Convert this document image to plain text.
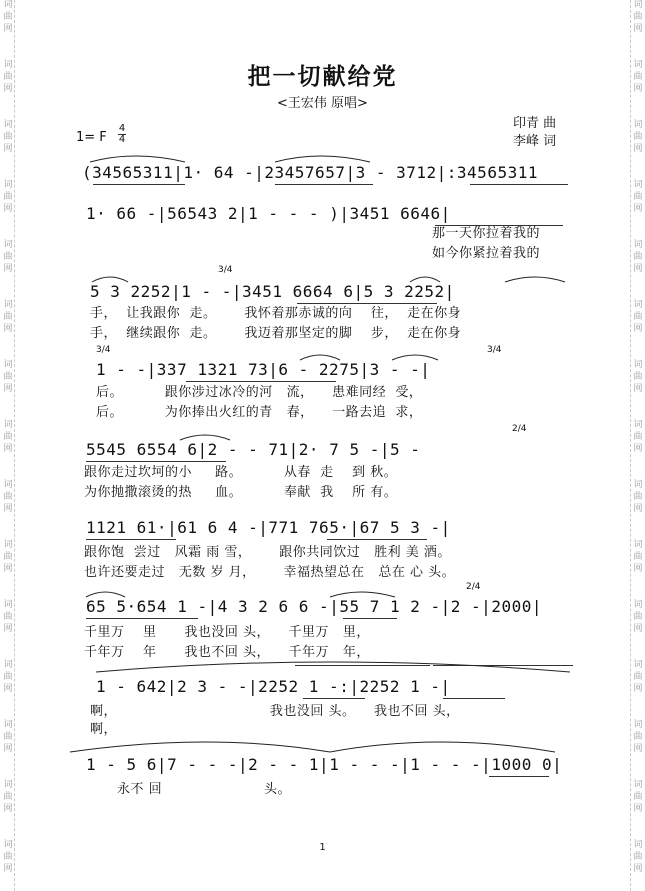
词
曲
网
词
曲
网
词
曲
网
词
曲
网
词
曲
网
词
曲
网
词
曲
网
词
曲
网
词
曲
网
词
曲
网
词
曲
网
词
曲
网
词
曲
网
词
曲
网
词
曲
网
词
曲
网
词
曲
网
词
曲
网
词
曲
网
词
曲
网
词
曲
网
词
曲
网
词
曲
网
词
曲
网
词
曲
网
词
曲
网
词
曲
网
词
曲
网
词
曲
网
词
曲
网
把一切献给党
<王宏伟 原唱>
印青 曲
李峰 词
1= F
4
4
(34565311|1· 64 -|23457657|3 - 3712|:34565311
1· 66 -|56543 2|1 - - - )|3451 6646|
那一天你拉着我的
如今你紧拉着我的
3/4
5 3 2252|1 - -|3451 6664 6|5 3 2252|
手，  让我跟你  走。      我怀着那赤诚的向    往，  走在你身
手，  继续跟你  走。      我迈着那坚定的脚    步，  走在你身
3/4	3/4
1 - -|337 1321 73|6 - 2275|3 - -|
后。         跟你涉过冰冷的河   流，    患难同经  受，
后。         为你捧出火红的青   春，    一路去追  求，
2/4
5545 6554 6|2 - - 71|2· 7 5 -|5 -
跟你走过坎坷的小     路。         从春  走    到 秋。
为你抛撒滚烫的热     血。         奉献  我    所 有。
1121 61·|61 6 4 -|771 765·|67 5 3 -|
跟你饱  尝过   风霜 雨 雪，      跟你共同饮过   胜利 美 酒。
也许还要走过   无数 岁 月，      幸福热望总在   总在 心 头。
2/4
65 5·654 1 -|4 3 2 6 6 -|55 7 1 2 -|2 -|2000|
千里万    里      我也没回 头，    千里万   里，
千年万    年      我也不回 头，    千年万   年，
1 - 642|2 3 - -|2252 1 -:|2252 1 -|
啊，                                 我也没回 头。    我也不回 头，
啊，
1 - 5 6|7 - - -|2 - - 1|1 - - -|1 - - -|1000 0|
永不 回                      头。
1
